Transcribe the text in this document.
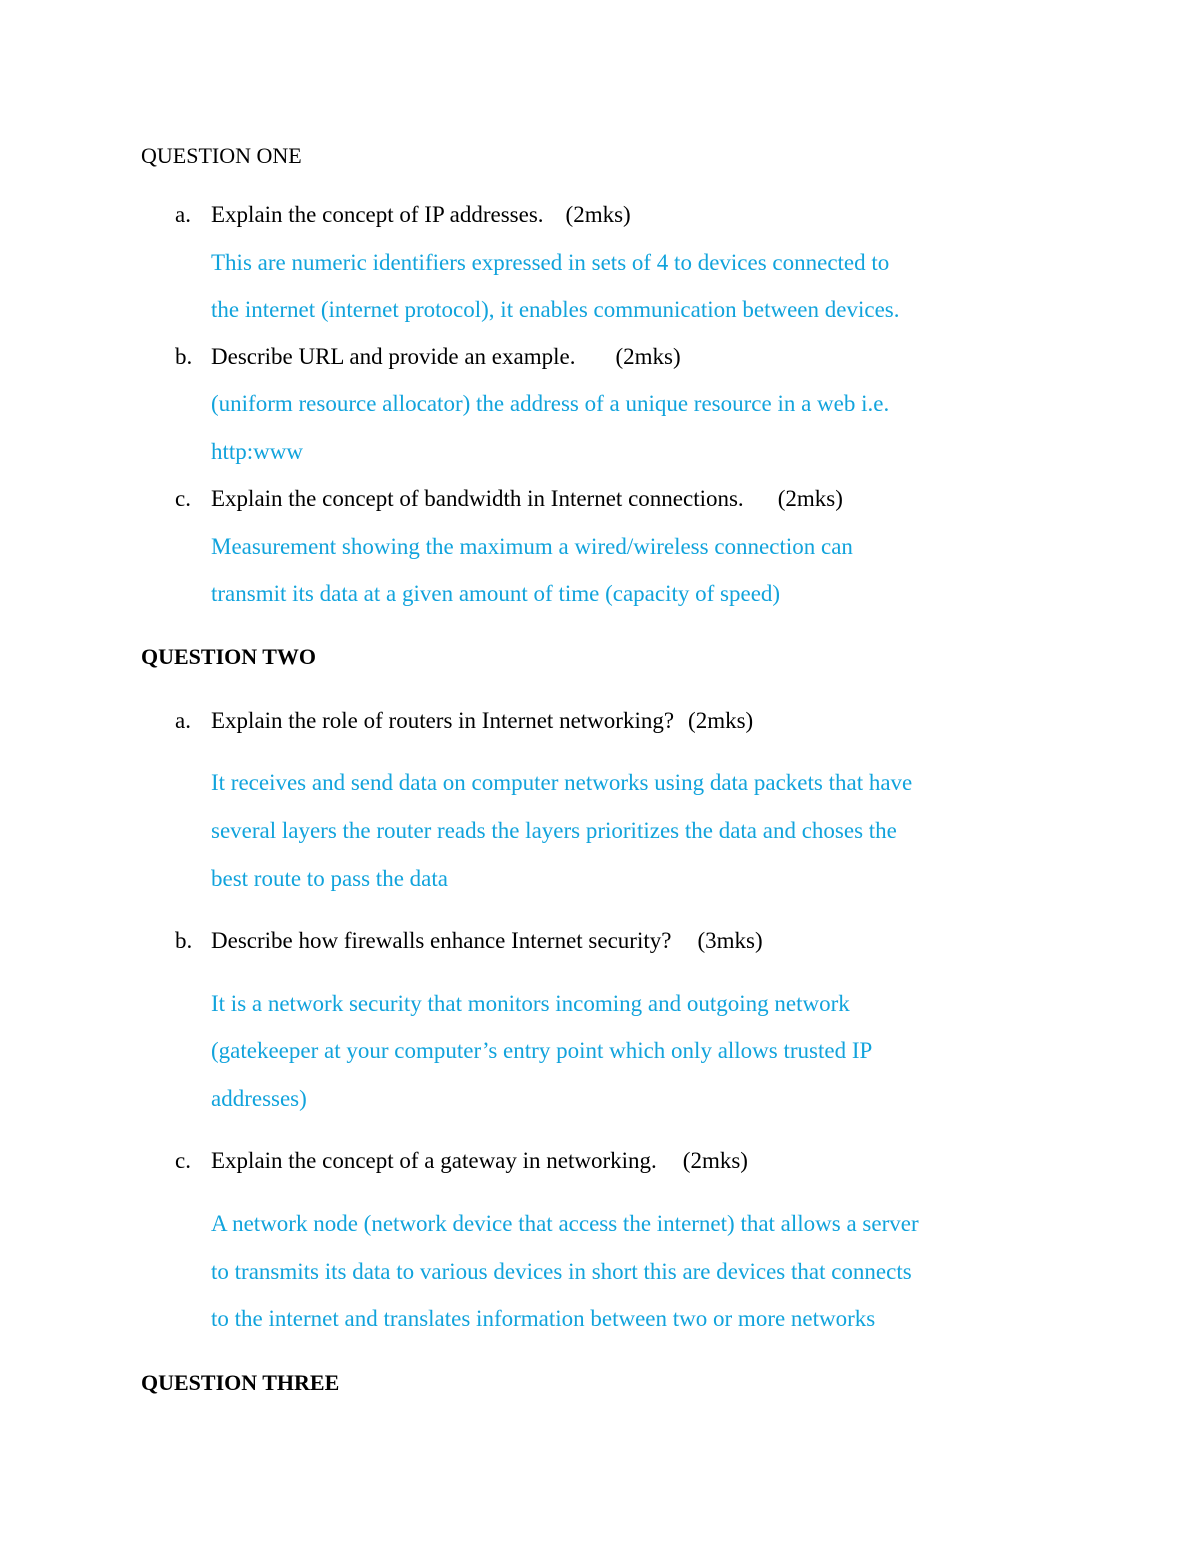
QUESTION ONE
a. Explain the concept of IP addresses. (2mks)
This are numeric identifiers expressed in sets of 4 to devices connected to
the internet (internet protocol), it enables communication between devices.
b. Describe URL and provide an example. (2mks)
(uniform resource allocator) the address of a unique resource in a web i.e.
http:www
c. Explain the concept of bandwidth in Internet connections. (2mks)
Measurement showing the maximum a wired/wireless connection can
transmit its data at a given amount of time (capacity of speed)
QUESTION TWO
a. Explain the role of routers in Internet networking? (2mks)
It receives and send data on computer networks using data packets that have
several layers the router reads the layers prioritizes the data and choses the
best route to pass the data
b. Describe how firewalls enhance Internet security? (3mks)
It is a network security that monitors incoming and outgoing network
(gatekeeper at your computer’s entry point which only allows trusted IP
addresses)
c. Explain the concept of a gateway in networking. (2mks)
A network node (network device that access the internet) that allows a server
to transmits its data to various devices in short this are devices that connects
to the internet and translates information between two or more networks
QUESTION THREE
